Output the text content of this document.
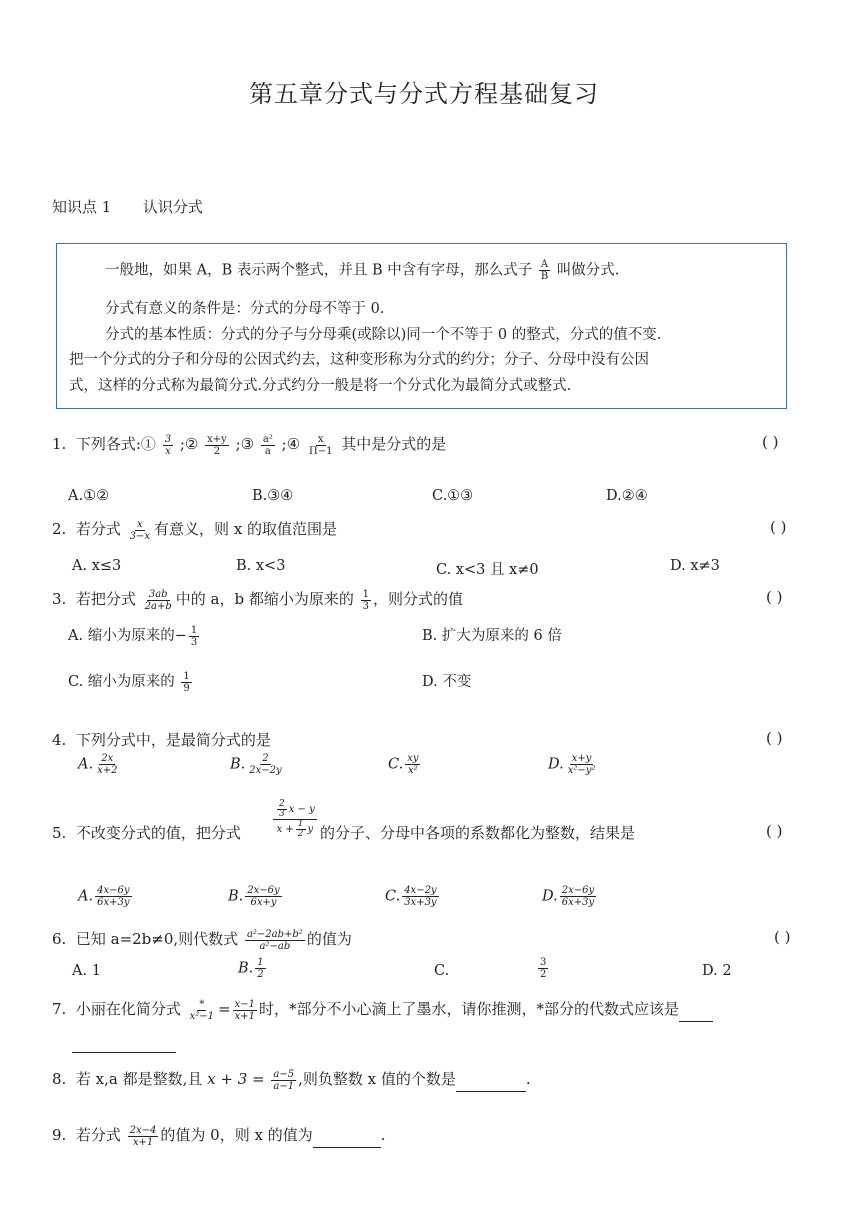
第五章分式与分式方程基础复习
知识点 1 认识分式

一般地，如果 A，B 表示两个整式，并且 B 中含有字母，那么式子 $\frac{A}{B}$ 叫做分式.

分式有意义的条件是：分式的分母不等于 0.

分式的基本性质：分式的分子与分母乘(或除以)同一个不等于 0 的整式，分式的值不变.

把一个分式的分子和分母的公因式约去，这种变形称为分式的约分；分子、分母中没有公因

式，这样的分式称为最简分式.分式约分一般是将一个分式化为最简分式或整式.

1. 下列各式:① $\frac{3}{x}$ ;② $\frac{x+y}{2}$ ;③ $\frac{\text{a²}}{a}$ ;④ $\frac{x}{\Pi-1}$ 其中是分式的是	( )
A.①②	B.③④	C.①③	D.②④
2. 若分式 $\frac{x}{3-x}$ 有意义，则 x 的取值范围是	( )
A. x≤3	B. x<3	C. x<3 且 x≠0	D. x≠3
3. 若把分式 $\frac{3ab}{2a+b}$ 中的 a，b 都缩小为原来的 $\frac{1}{3}$ ，则分式的值	( )
A. 缩小为原来的− $\frac{1}{3}$	B. 扩大为原来的 6 倍
C. 缩小为原来的 $\frac{1}{9}$	D. 不变
4. 下列分式中，是最简分式的是	( )
A. $\frac{2x}{x+2}$	B. $\frac{2}{2x-2y}$	C. $\frac{xy}{\text{x²}}$	D. $\frac{x+y}{\text{x²−y²}}$
5. 不改变分式的值，把分式	$\frac{\frac{2}{3} x - y}{x + \frac{1}{2} y}$ 的分子、分母中各项的系数都化为整数，结果是	( )
A. $\frac{4x-6y}{6x+3y}$	B. $\frac{2x-6y}{6x+y}$	C. $\frac{4x-2y}{3x+3y}$	D. $\frac{2x-6y}{6x+3y}$
6. 已知 a=2b≠0,则代数式 $\frac{\text{a²−2ab+b²}}{\text{a²−ab}}$ 的值为	( )
A. 1	B. $\frac{1}{2}$	C.	$\frac{3}{2}$	D. 2
7. 小丽在化简分式 $\frac{*}{\text{x²−1}} = \frac{x-1}{x+1}$ 时，*部分不小心滴上了墨水，请你推测，*部分的代数式应该是
8. 若 x,a 都是整数,且 $x + 3 = \frac{a-5}{a-1}$ ,则负整数 x 值的个数是	.
9. 若分式 $\frac{2x-4}{x+1}$ 的值为 0，则 x 的值为	.
